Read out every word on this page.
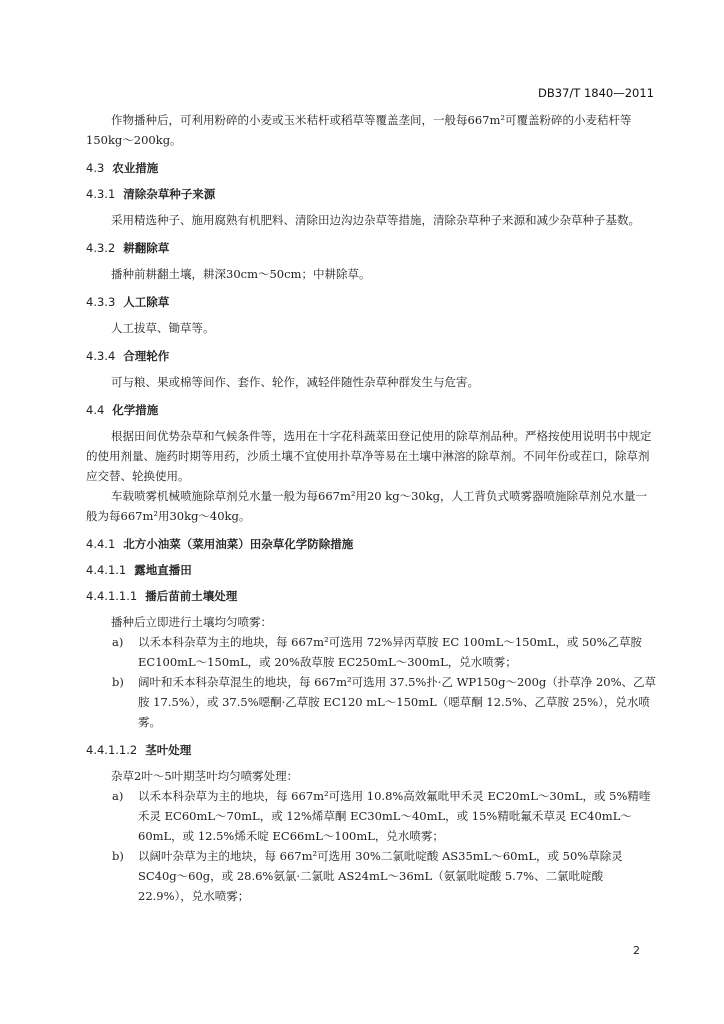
DB37/T 1840—2011

作物播种后，可利用粉碎的小麦或玉米秸杆或稻草等覆盖垄间，一般每667m²可覆盖粉碎的小麦秸杆等150kg～200kg。

4.3 农业措施
4.3.1 清除杂草种子来源

采用精选种子、施用腐熟有机肥料、清除田边沟边杂草等措施，清除杂草种子来源和减少杂草种子基数。

4.3.2 耕翻除草

播种前耕翻土壤，耕深30cm～50cm；中耕除草。

4.3.3 人工除草

人工拔草、锄草等。

4.3.4 合理轮作

可与粮、果或棉等间作、套作、轮作，减轻伴随性杂草种群发生与危害。

4.4 化学措施

根据田间优势杂草和气候条件等，选用在十字花科蔬菜田登记使用的除草剂品种。严格按使用说明书中规定的使用剂量、施药时期等用药，沙质土壤不宜使用扑草净等易在土壤中淋溶的除草剂。不同年份或茬口，除草剂应交替、轮换使用。

车载喷雾机械喷施除草剂兑水量一般为每667m²用20 kg～30kg，人工背负式喷雾器喷施除草剂兑水量一般为每667m²用30kg～40kg。

4.4.1 北方小油菜（菜用油菜）田杂草化学防除措施
4.4.1.1 露地直播田
4.4.1.1.1 播后苗前土壤处理

播种后立即进行土壤均匀喷雾：

a) 以禾本科杂草为主的地块，每 667m²可选用 72%异丙草胺 EC 100mL～150mL，或 50%乙草胺 EC100mL～150mL，或 20%敌草胺 EC250mL～300mL，兑水喷雾；
b) 阔叶和禾本科杂草混生的地块，每 667m²可选用 37.5%扑·乙 WP150g～200g（扑草净 20%、乙草胺 17.5%），或 37.5%噁酮·乙草胺 EC120 mL～150mL（噁草酮 12.5%、乙草胺 25%），兑水喷雾。
4.4.1.1.2 茎叶处理

杂草2叶～5叶期茎叶均匀喷雾处理：

a) 以禾本科杂草为主的地块，每 667m²可选用 10.8%高效氟吡甲禾灵 EC20mL～30mL，或 5%精喹禾灵 EC60mL～70mL，或 12%烯草酮 EC30mL～40mL，或 15%精吡氟禾草灵 EC40mL～60mL，或 12.5%烯禾啶 EC66mL～100mL，兑水喷雾；
b) 以阔叶杂草为主的地块，每 667m²可选用 30%二氯吡啶酸 AS35mL～60mL，或 50%草除灵 SC40g～60g，或 28.6%氨氯·二氯吡 AS24mL～36mL（氨氯吡啶酸 5.7%、二氯吡啶酸 22.9%），兑水喷雾；
2
